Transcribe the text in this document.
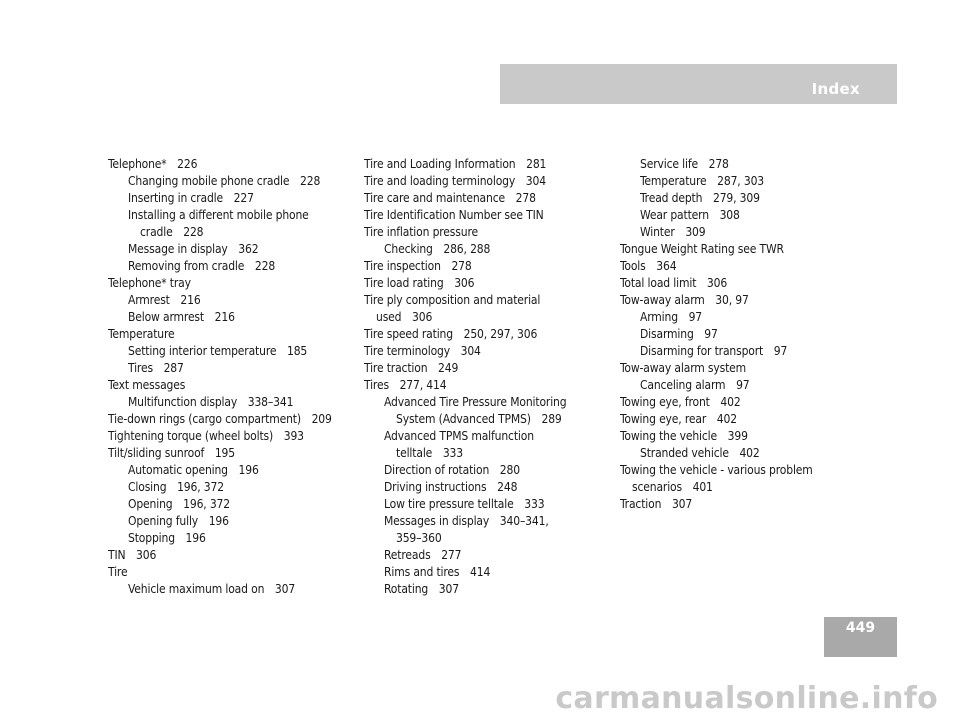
Index
Telephone* 226
Changing mobile phone cradle 228
Inserting in cradle 227
Installing a different mobile phone
cradle 228
Message in display 362
Removing from cradle 228
Telephone* tray
Armrest 216
Below armrest 216
Temperature
Setting interior temperature 185
Tires 287
Text messages
Multifunction display 338–341
Tie-down rings (cargo compartment) 209
Tightening torque (wheel bolts) 393
Tilt/sliding sunroof 195
Automatic opening 196
Closing 196, 372
Opening 196, 372
Opening fully 196
Stopping 196
TIN 306
Tire
Vehicle maximum load on 307
Tire and Loading Information 281
Tire and loading terminology 304
Tire care and maintenance 278
Tire Identification Number see TIN
Tire inflation pressure
Checking 286, 288
Tire inspection 278
Tire load rating 306
Tire ply composition and material
used 306
Tire speed rating 250, 297, 306
Tire terminology 304
Tire traction 249
Tires 277, 414
Advanced Tire Pressure Monitoring
System (Advanced TPMS) 289
Advanced TPMS malfunction
telltale 333
Direction of rotation 280
Driving instructions 248
Low tire pressure telltale 333
Messages in display 340–341,
359–360
Retreads 277
Rims and tires 414
Rotating 307
Service life 278
Temperature 287, 303
Tread depth 279, 309
Wear pattern 308
Winter 309
Tongue Weight Rating see TWR
Tools 364
Total load limit 306
Tow-away alarm 30, 97
Arming 97
Disarming 97
Disarming for transport 97
Tow-away alarm system
Canceling alarm 97
Towing eye, front 402
Towing eye, rear 402
Towing the vehicle 399
Stranded vehicle 402
Towing the vehicle - various problem
scenarios 401
Traction 307
449
carmanualsonline.info
